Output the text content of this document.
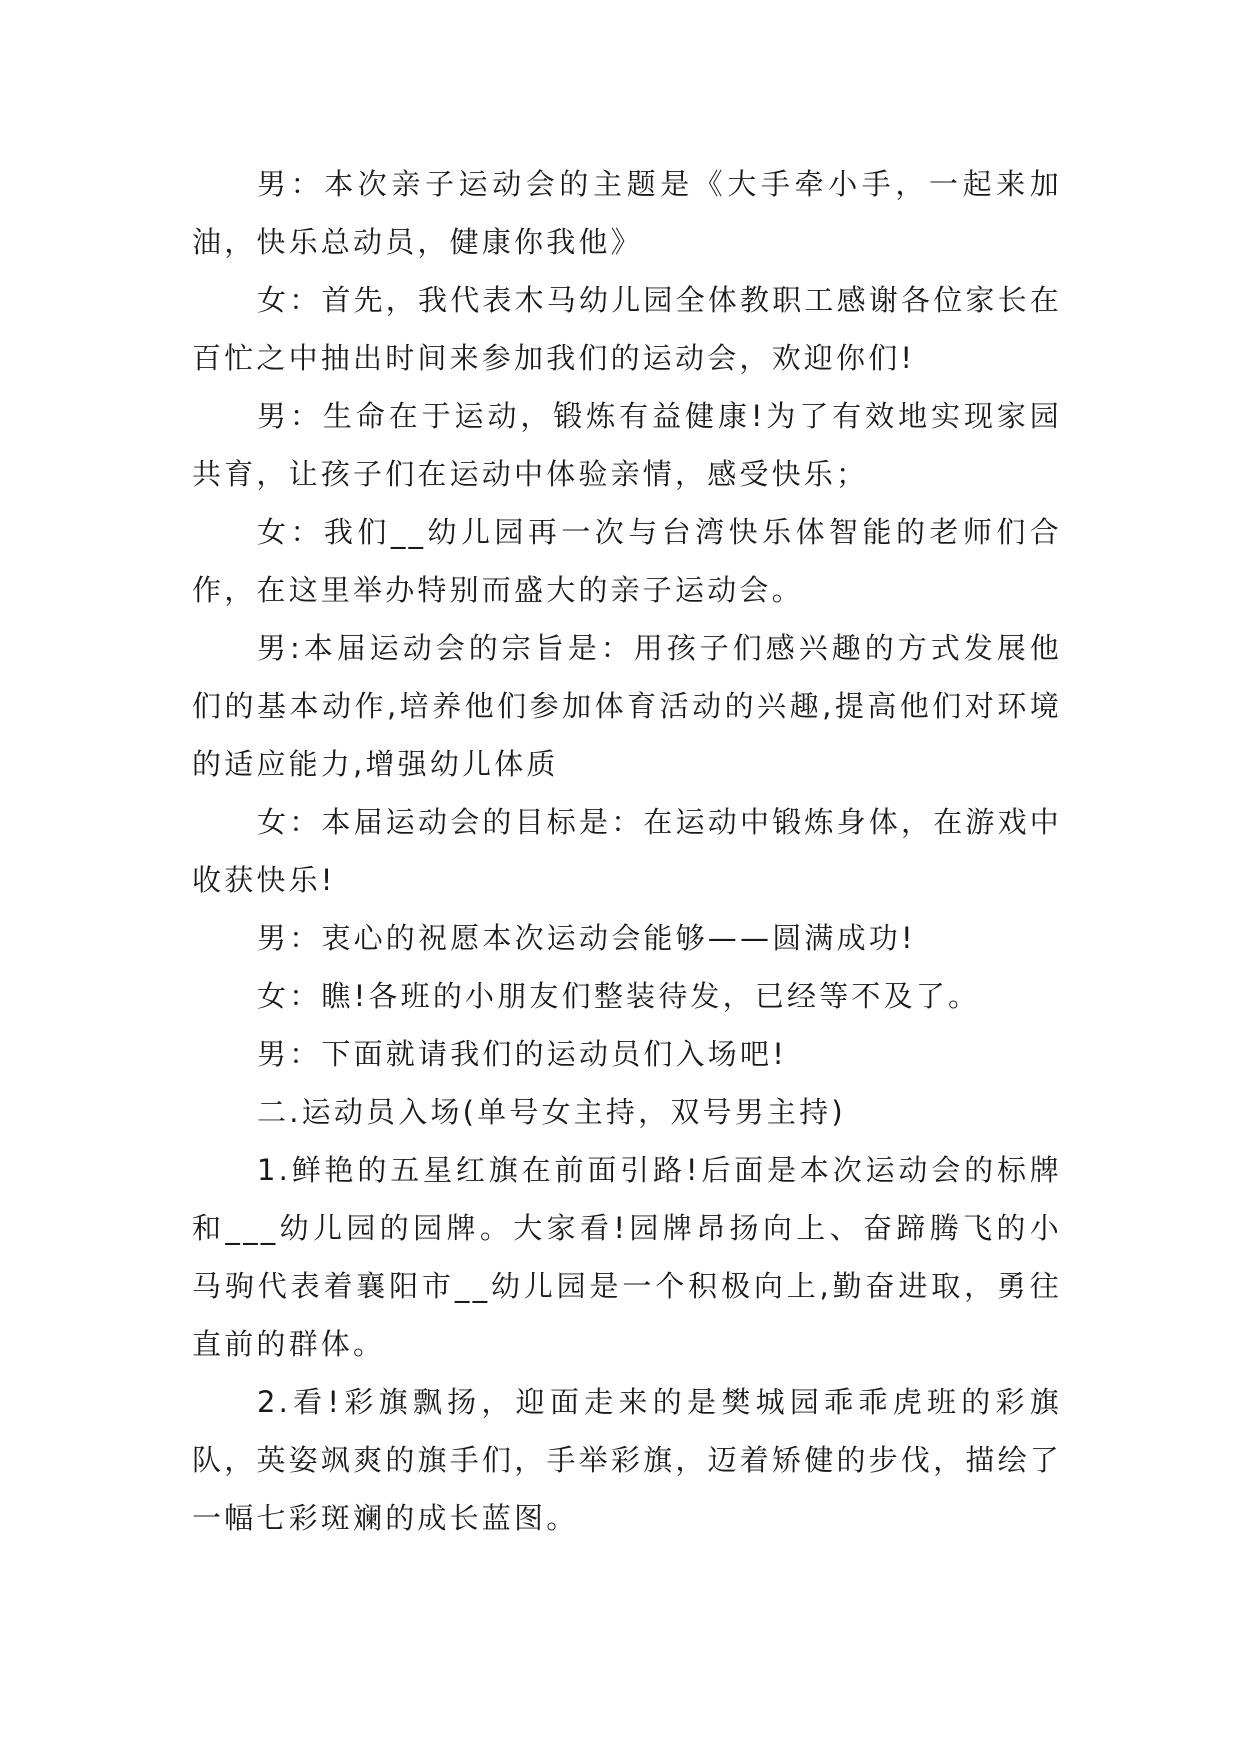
男：本次亲子运动会的主题是《大手牵小手，一起来加油，快乐总动员，健康你我他》

女：首先，我代表木马幼儿园全体教职工感谢各位家长在百忙之中抽出时间来参加我们的运动会，欢迎你们!

男：生命在于运动，锻炼有益健康!为了有效地实现家园共育，让孩子们在运动中体验亲情，感受快乐；

女：我们__幼儿园再一次与台湾快乐体智能的老师们合作，在这里举办特别而盛大的亲子运动会。

男:本届运动会的宗旨是：用孩子们感兴趣的方式发展他们的基本动作,培养他们参加体育活动的兴趣,提高他们对环境的适应能力,增强幼儿体质

女：本届运动会的目标是：在运动中锻炼身体，在游戏中收获快乐!

男：衷心的祝愿本次运动会能够——圆满成功!

女：瞧!各班的小朋友们整装待发，已经等不及了。

男：下面就请我们的运动员们入场吧!

二.运动员入场(单号女主持，双号男主持)

1.鲜艳的五星红旗在前面引路!后面是本次运动会的标牌和___幼儿园的园牌。大家看!园牌昂扬向上、奋蹄腾飞的小马驹代表着襄阳市__幼儿园是一个积极向上,勤奋进取，勇往直前的群体。

2.看!彩旗飘扬，迎面走来的是樊城园乖乖虎班的彩旗队，英姿飒爽的旗手们，手举彩旗，迈着矫健的步伐，描绘了一幅七彩斑斓的成长蓝图。
